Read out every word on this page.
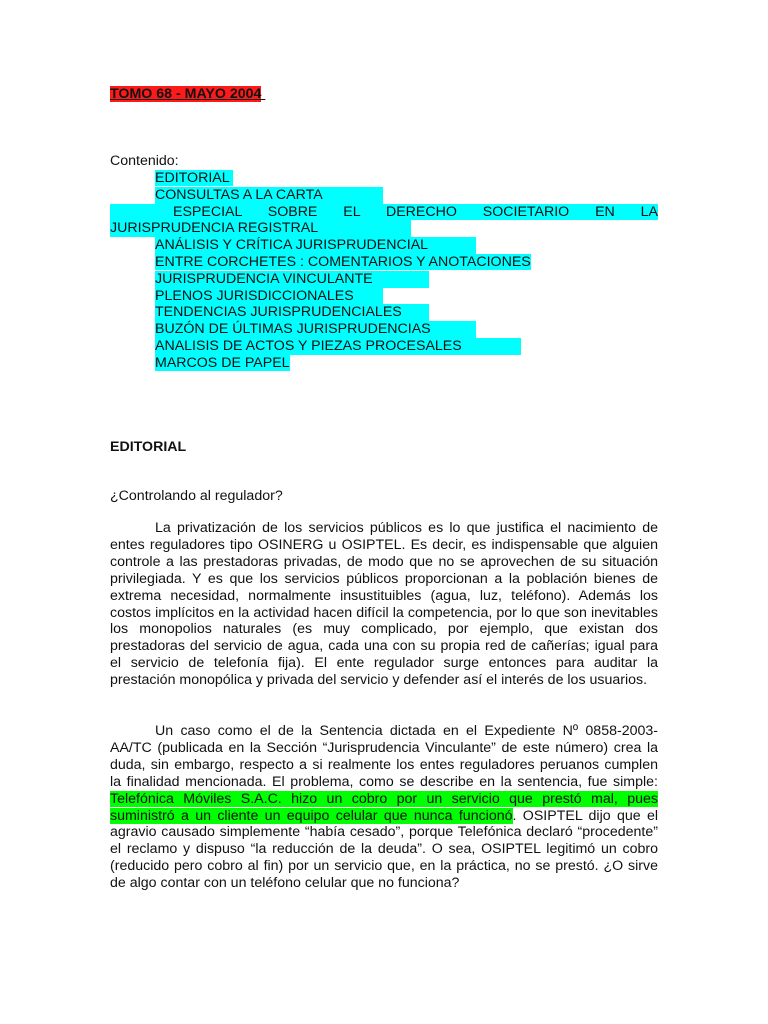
TOMO 68 - MAYO 2004
Contenido:
EDITORIAL
CONSULTAS A LA CARTA
ESPECIAL SOBRE EL DERECHO SOCIETARIO EN LA
JURISPRUDENCIA REGISTRAL
ANÁLISIS Y CRÍTICA JURISPRUDENCIAL
ENTRE CORCHETES : COMENTARIOS Y ANOTACIONES
JURISPRUDENCIA VINCULANTE
PLENOS JURISDICCIONALES
TENDENCIAS JURISPRUDENCIALES
BUZÓN DE ÚLTIMAS JURISPRUDENCIAS
ANALISIS DE ACTOS Y PIEZAS PROCESALES
MARCOS DE PAPEL
EDITORIAL
¿Controlando al regulador?

La privatización de los servicios públicos es lo que justifica el nacimiento de entes reguladores tipo OSINERG u OSIPTEL. Es decir, es indispensable que alguien controle a las prestadoras privadas, de modo que no se aprovechen de su situación privilegiada. Y es que los servicios públicos proporcionan a la población bienes de extrema necesidad, normalmente insustituibles (agua, luz, teléfono). Además los costos implícitos en la actividad hacen difícil la competencia, por lo que son inevitables los monopolios naturales (es muy complicado, por ejemplo, que existan dos prestadoras del servicio de agua, cada una con su propia red de cañerías; igual para el servicio de telefonía fija). El ente regulador surge entonces para auditar la prestación monopólica y privada del servicio y defender así el interés de los usuarios.

Un caso como el de la Sentencia dictada en el Expediente Nº 0858-2003-AA/TC (publicada en la Sección “Jurisprudencia Vinculante” de este número) crea la duda, sin embargo, respecto a si realmente los entes reguladores peruanos cumplen la finalidad mencionada. El problema, como se describe en la sentencia, fue simple: Telefónica Móviles S.A.C. hizo un cobro por un servicio que prestó mal, pues suministró a un cliente un equipo celular que nunca funcionó. OSIPTEL dijo que el agravio causado simplemente “había cesado”, porque Telefónica declaró “procedente” el reclamo y dispuso “la reducción de la deuda”. O sea, OSIPTEL legitimó un cobro (reducido pero cobro al fin) por un servicio que, en la práctica, no se prestó. ¿O sirve de algo contar con un teléfono celular que no funciona?
